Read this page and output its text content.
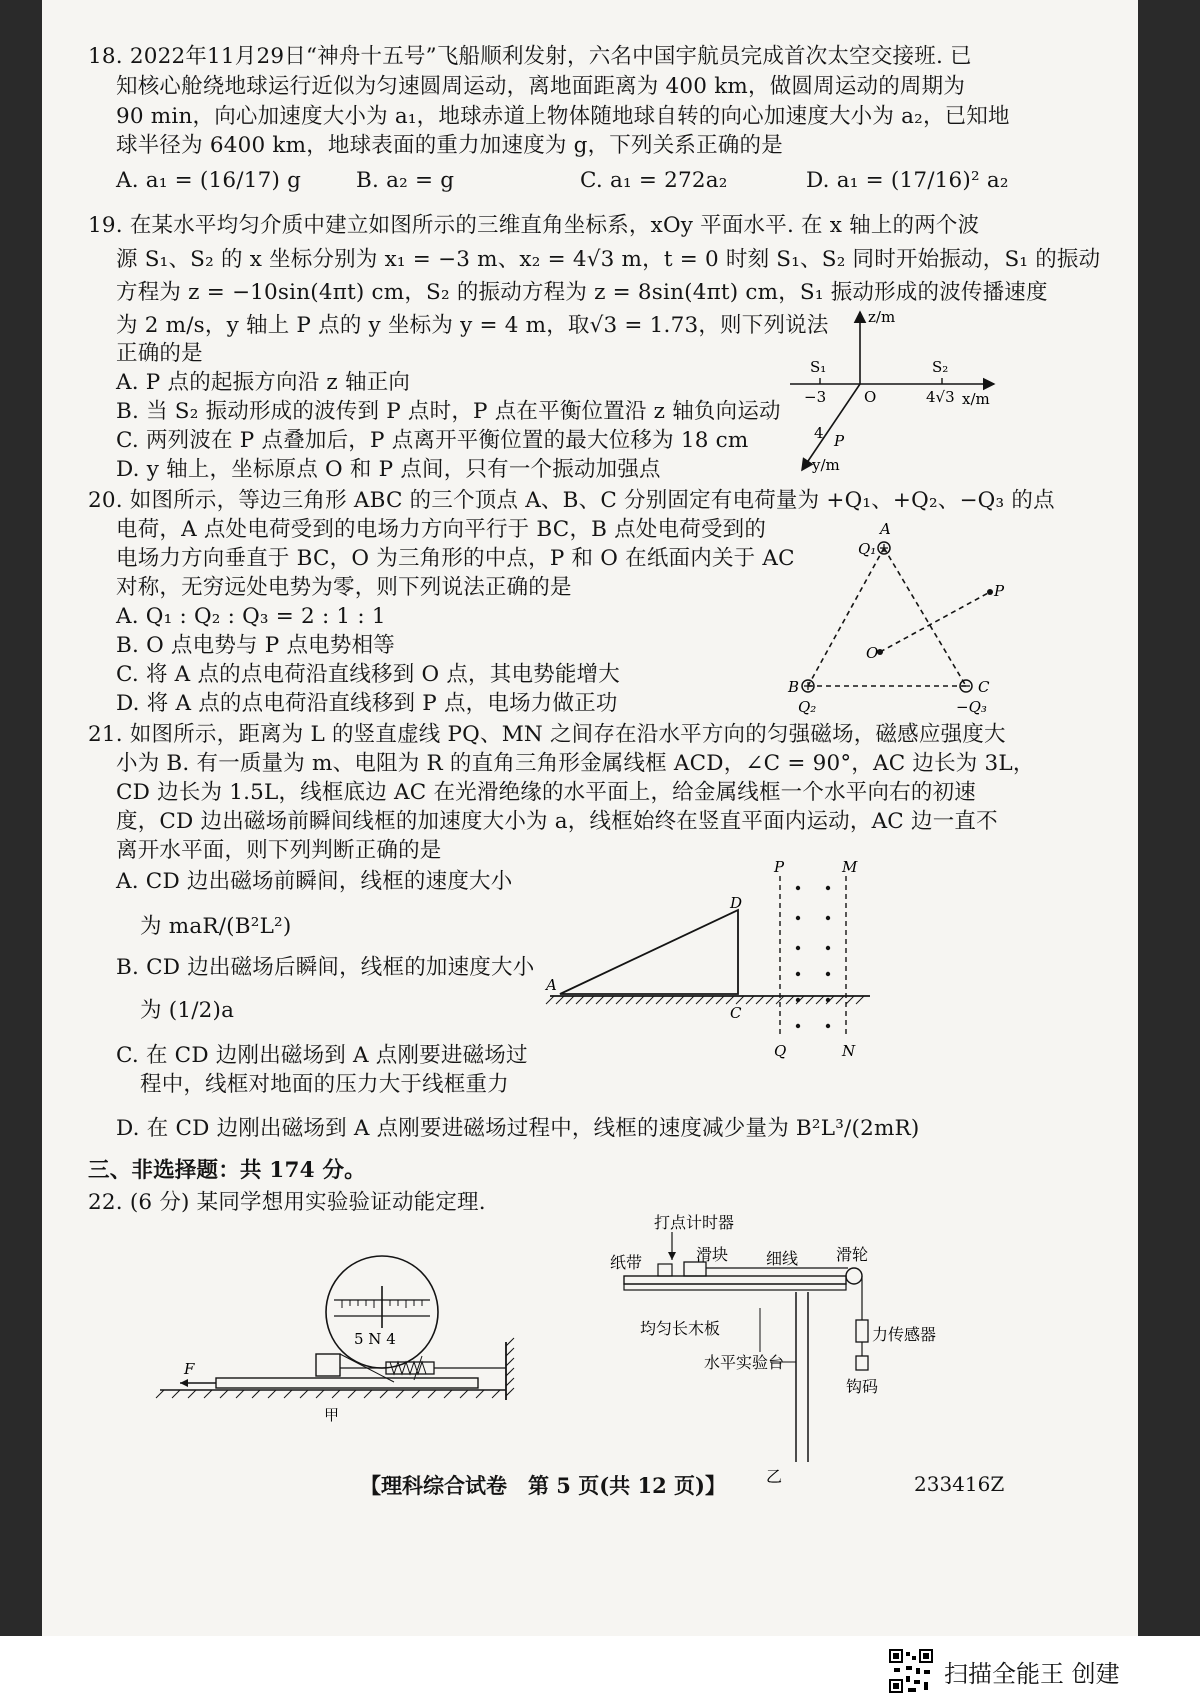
18. 2022年11月29日“神舟十五号”飞船顺利发射，六名中国宇航员完成首次太空交接班. 已
知核心舱绕地球运行近似为匀速圆周运动，离地面距离为 400 km，做圆周运动的周期为
90 min，向心加速度大小为 a₁，地球赤道上物体随地球自转的向心加速度大小为 a₂，已知地
球半径为 6400 km，地球表面的重力加速度为 g，下列关系正确的是
A. a₁ = (16/17) g	B. a₂ = g	C. a₁ = 272a₂	D. a₁ = (17/16)² a₂
19. 在某水平均匀介质中建立如图所示的三维直角坐标系，xOy 平面水平. 在 x 轴上的两个波
源 S₁、S₂ 的 x 坐标分别为 x₁ = −3 m、x₂ = 4√3 m，t = 0 时刻 S₁、S₂ 同时开始振动，S₁ 的振动
方程为 z = −10sin(4πt) cm，S₂ 的振动方程为 z = 8sin(4πt) cm，S₁ 振动形成的波传播速度
为 2 m/s，y 轴上 P 点的 y 坐标为 y = 4 m，取√3 = 1.73，则下列说法
正确的是
A. P 点的起振方向沿 z 轴正向
B. 当 S₂ 振动形成的波传到 P 点时，P 点在平衡位置沿 z 轴负向运动
C. 两列波在 P 点叠加后，P 点离开平衡位置的最大位移为 18 cm
D. y 轴上，坐标原点 O 和 P 点间，只有一个振动加强点
z/m
x/m
y/m
S₁	S₂
O
−3	4√3
P
4
20. 如图所示，等边三角形 ABC 的三个顶点 A、B、C 分别固定有电荷量为 +Q₁、+Q₂、−Q₃ 的点
电荷，A 点处电荷受到的电场力方向平行于 BC，B 点处电荷受到的
电场力方向垂直于 BC，O 为三角形的中点，P 和 O 在纸面内关于 AC
对称，无穷远处电势为零，则下列说法正确的是
A. Q₁ : Q₂ : Q₃ = 2 : 1 : 1
B. O 点电势与 P 点电势相等
C. 将 A 点的点电荷沿直线移到 O 点，其电势能增大
D. 将 A 点的点电荷沿直线移到 P 点，电场力做正功
A
Q₁
B
Q₂
C
−Q₃
O
P
21. 如图所示，距离为 L 的竖直虚线 PQ、MN 之间存在沿水平方向的匀强磁场，磁感应强度大
小为 B. 有一质量为 m、电阻为 R 的直角三角形金属线框 ACD，∠C = 90°，AC 边长为 3L，
CD 边长为 1.5L，线框底边 AC 在光滑绝缘的水平面上，给金属线框一个水平向右的初速
度，CD 边出磁场前瞬间线框的加速度大小为 a，线框始终在竖直平面内运动，AC 边一直不
离开水平面，则下列判断正确的是
A. CD 边出磁场前瞬间，线框的速度大小
为 maR/(B²L²)
B. CD 边出磁场后瞬间，线框的加速度大小
为 (1/2)a
C. 在 CD 边刚出磁场到 A 点刚要进磁场过
程中，线框对地面的压力大于线框重力
D. 在 CD 边刚出磁场到 A 点刚要进磁场过程中，线框的速度减少量为 B²L³/(2mR)
P	M
Q	N
A
C
D
三、非选择题：共 174 分。
22. (6 分) 某同学想用实验验证动能定理.
5 N 4
F
甲
打点计时器
纸带	滑块 细线 滑轮
力传感器
钩码
均匀长木板
水平实验台
乙
【理科综合试卷　第 5 页(共 12 页)】	233416Z
扫描全能王 创建
